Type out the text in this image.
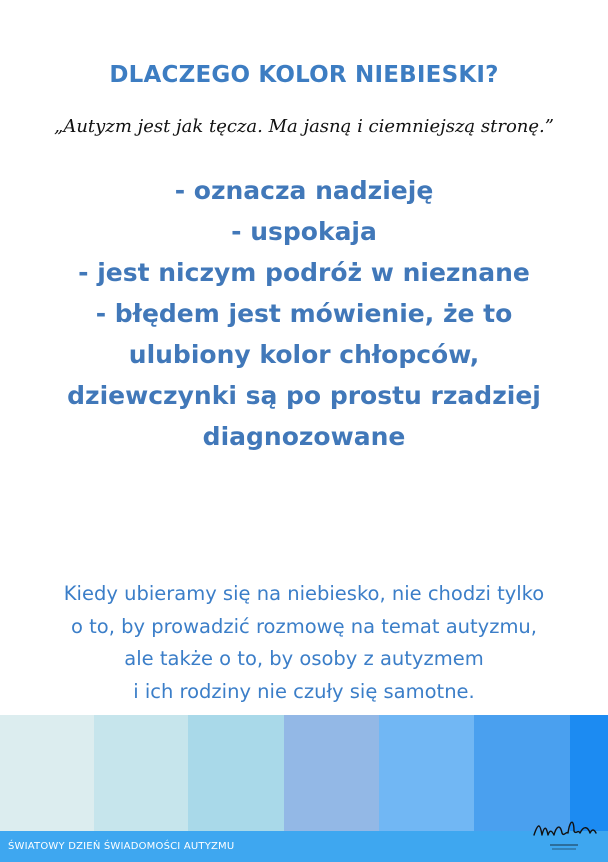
DLACZEGO KOLOR NIEBIESKI?
„Autyzm jest jak tęcza. Ma jasną i ciemniejszą stronę.”
- oznacza nadzieję
- uspokaja
- jest niczym podróż w nieznane
- błędem jest mówienie, że to
ulubiony kolor chłopców,
dziewczynki są po prostu rzadziej
diagnozowane
Kiedy ubieramy się na niebiesko, nie chodzi tylko
o to, by prowadzić rozmowę na temat autyzmu,
ale także o to, by osoby z autyzmem
i ich rodziny nie czuły się samotne.
ŚWIATOWY DZIEŃ ŚWIADOMOŚCI AUTYZMU
